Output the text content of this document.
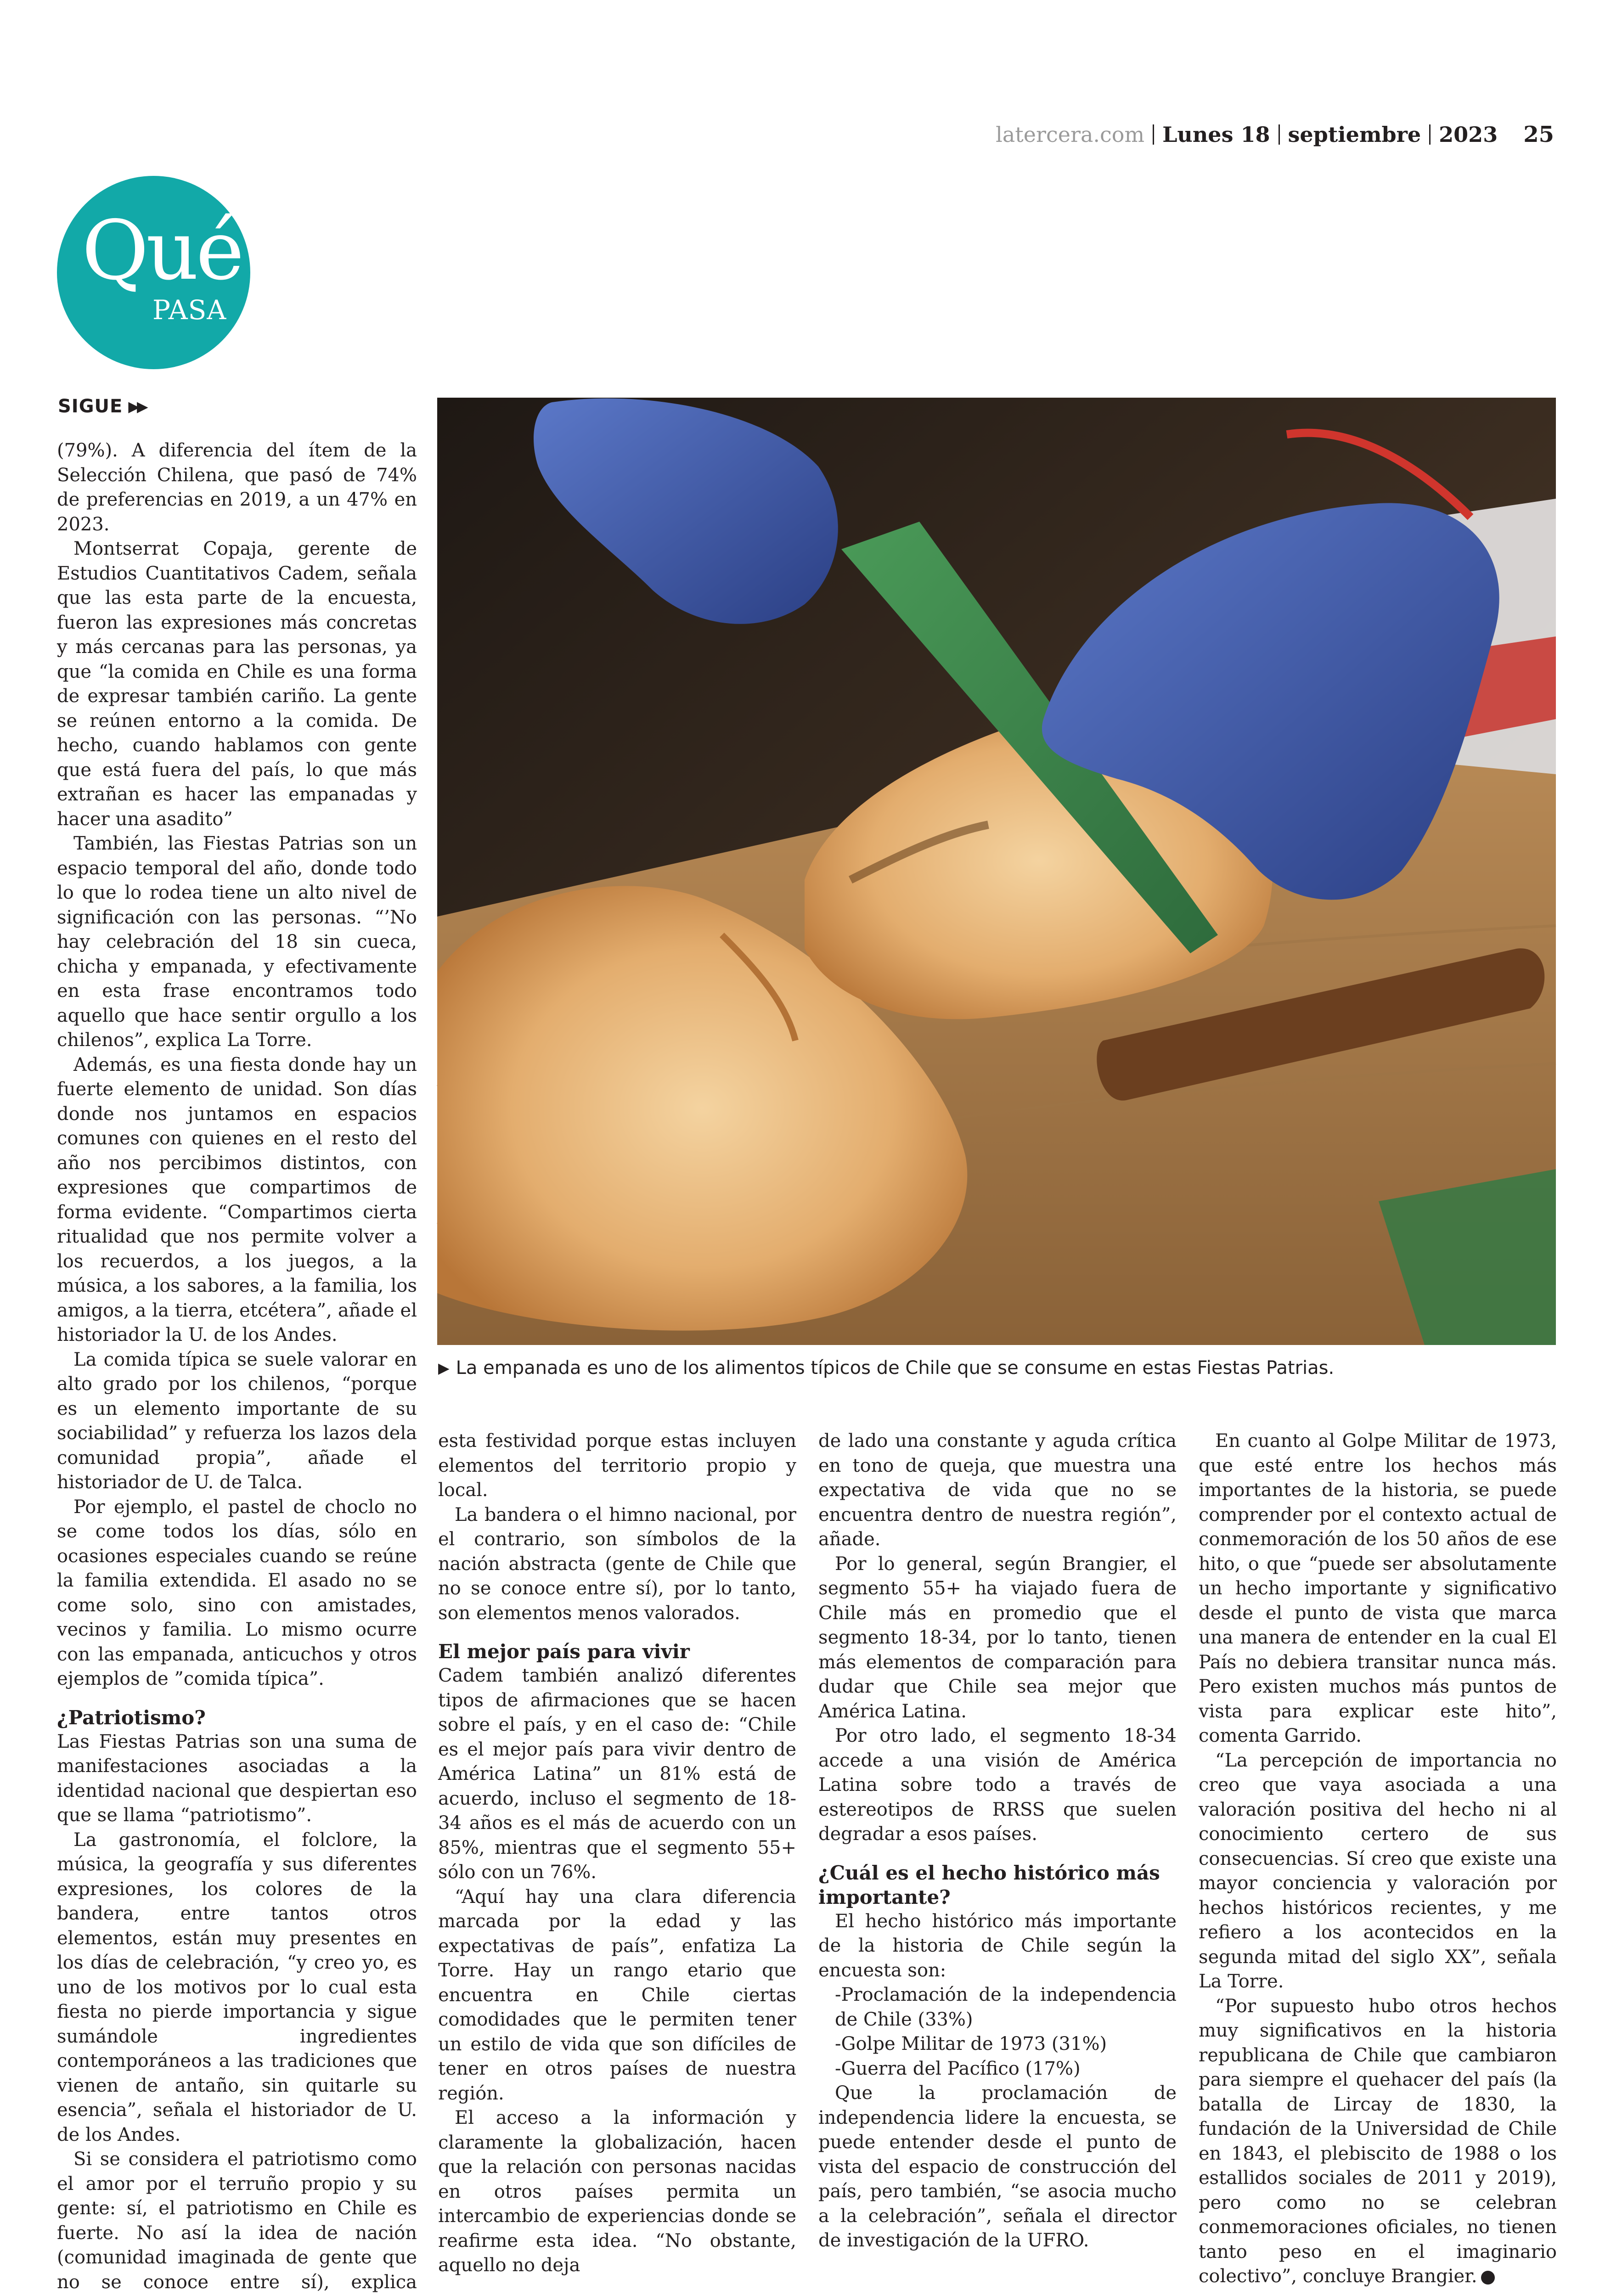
latercera.com Lunes 18 septiembre 2023 25
Qué
PASA
SIGUE ▶▶
▶ La empanada es uno de los alimentos típicos de Chile que se consume en estas Fiestas Patrias.

(79%). A diferencia del ítem de la Selección Chilena, que pasó de 74% de preferencias en 2019, a un 47% en 2023.

Montserrat Copaja, gerente de Estudios Cuantitativos Cadem, señala que las esta parte de la encuesta, fueron las expresiones más concretas y más cercanas para las personas, ya que “la comida en Chile es una forma de expresar también cariño. La gente se reúnen entorno a la comida. De hecho, cuando hablamos con gente que está fuera del país, lo que más extrañan es hacer las empanadas y hacer una asadito”

También, las Fiestas Patrias son un espacio temporal del año, donde todo lo que lo rodea tiene un alto nivel de significación con las personas. “’No hay celebración del 18 sin cueca, chicha y empanada, y efectivamente en esta frase encontramos todo aquello que hace sentir orgullo a los chilenos”, explica La Torre.

Además, es una fiesta donde hay un fuerte elemento de unidad. Son días donde nos juntamos en espacios comunes con quienes en el resto del año nos percibimos distintos, con expresiones que compartimos de forma evidente. “Compartimos cierta ritualidad que nos permite volver a los recuerdos, a los juegos, a la música, a los sabores, a la familia, los amigos, a la tierra, etcétera”, añade el historiador la U. de los Andes.

La comida típica se suele valorar en alto grado por los chilenos, “porque es un elemento importante de su sociabilidad” y refuerza los lazos dela comunidad propia”, añade el historiador de U. de Talca.

Por ejemplo, el pastel de choclo no se come todos los días, sólo en ocasiones especiales cuando se reúne la familia extendida. El asado no se come solo, sino con amistades, vecinos y familia. Lo mismo ocurre con las empanada, anticuchos y otros ejemplos de ”comida típica”.

¿Patriotismo?

Las Fiestas Patrias son una suma de manifestaciones asociadas a la identidad nacional que despiertan eso que se llama “patriotismo”.

La gastronomía, el folclore, la música, la geografía y sus diferentes expresiones, los colores de la bandera, entre tantos otros elementos, están muy presentes en los días de celebración, “y creo yo, es uno de los motivos por lo cual esta fiesta no pierde importancia y sigue sumándole ingredientes contemporáneos a las tradiciones que vienen de antaño, sin quitarle su esencia”, señala el historiador de U. de los Andes.

Si se considera el patriotismo como el amor por el terruño propio y su gente: sí, el patriotismo en Chile es fuerte. No así la idea de nación (comunidad imaginada de gente que no se conoce entre sí), explica

esta festividad porque estas incluyen elementos del territorio propio y local.

La bandera o el himno nacional, por el contrario, son símbolos de la nación abstracta (gente de Chile que no se conoce entre sí), por lo tanto, son elementos menos valorados.

El mejor país para vivir

Cadem también analizó diferentes tipos de afirmaciones que se hacen sobre el país, y en el caso de: “Chile es el mejor país para vivir dentro de América Latina” un 81% está de acuerdo, incluso el segmento de 18-34 años es el más de acuerdo con un 85%, mientras que el segmento 55+ sólo con un 76%.

“Aquí hay una clara diferencia marcada por la edad y las expectativas de país”, enfatiza La Torre. Hay un rango etario que encuentra en Chile ciertas comodidades que le permiten tener un estilo de vida que son difíciles de tener en otros países de nuestra región.

El acceso a la información y claramente la globalización, hacen que la relación con personas nacidas en otros países permita un intercambio de experiencias donde se reafirme esta idea. “No obstante, aquello no deja

de lado una constante y aguda crítica en tono de queja, que muestra una expectativa de vida que no se encuentra dentro de nuestra región”, añade.

Por lo general, según Brangier, el segmento 55+ ha viajado fuera de Chile más en promedio que el segmento 18-34, por lo tanto, tienen más elementos de comparación para dudar que Chile sea mejor que América Latina.

Por otro lado, el segmento 18-34 accede a una visión de América Latina sobre todo a través de estereotipos de RRSS que suelen degradar a esos países.

¿Cuál es el hecho histórico más importante?

El hecho histórico más importante de la historia de Chile según la encuesta son:

-Proclamación de la independencia de Chile (33%)

-Golpe Militar de 1973 (31%)

-Guerra del Pacífico (17%)

Que la proclamación de independencia lidere la encuesta, se puede entender desde el punto de vista del espacio de construcción del país, pero también, “se asocia mucho a la celebración”, señala el director de investigación de la UFRO.

En cuanto al Golpe Militar de 1973, que esté entre los hechos más importantes de la historia, se puede comprender por el contexto actual de conmemoración de los 50 años de ese hito, o que “puede ser absolutamente un hecho importante y significativo desde el punto de vista que marca una manera de entender en la cual El País no debiera transitar nunca más. Pero existen muchos más puntos de vista para explicar este hito”, comenta Garrido.

“La percepción de importancia no creo que vaya asociada a una valoración positiva del hecho ni al conocimiento certero de sus consecuencias. Sí creo que existe una mayor conciencia y valoración por hechos históricos recientes, y me refiero a los acontecidos en la segunda mitad del siglo XX”, señala La Torre.

“Por supuesto hubo otros hechos muy significativos en la historia republicana de Chile que cambiaron para siempre el quehacer del país (la batalla de Lircay de 1830, la fundación de la Universidad de Chile en 1843, el plebiscito de 1988 o los estallidos sociales de 2011 y 2019), pero como no se celebran conmemoraciones oficiales, no tienen tanto peso en el imaginario colectivo”, concluye Brangier.
